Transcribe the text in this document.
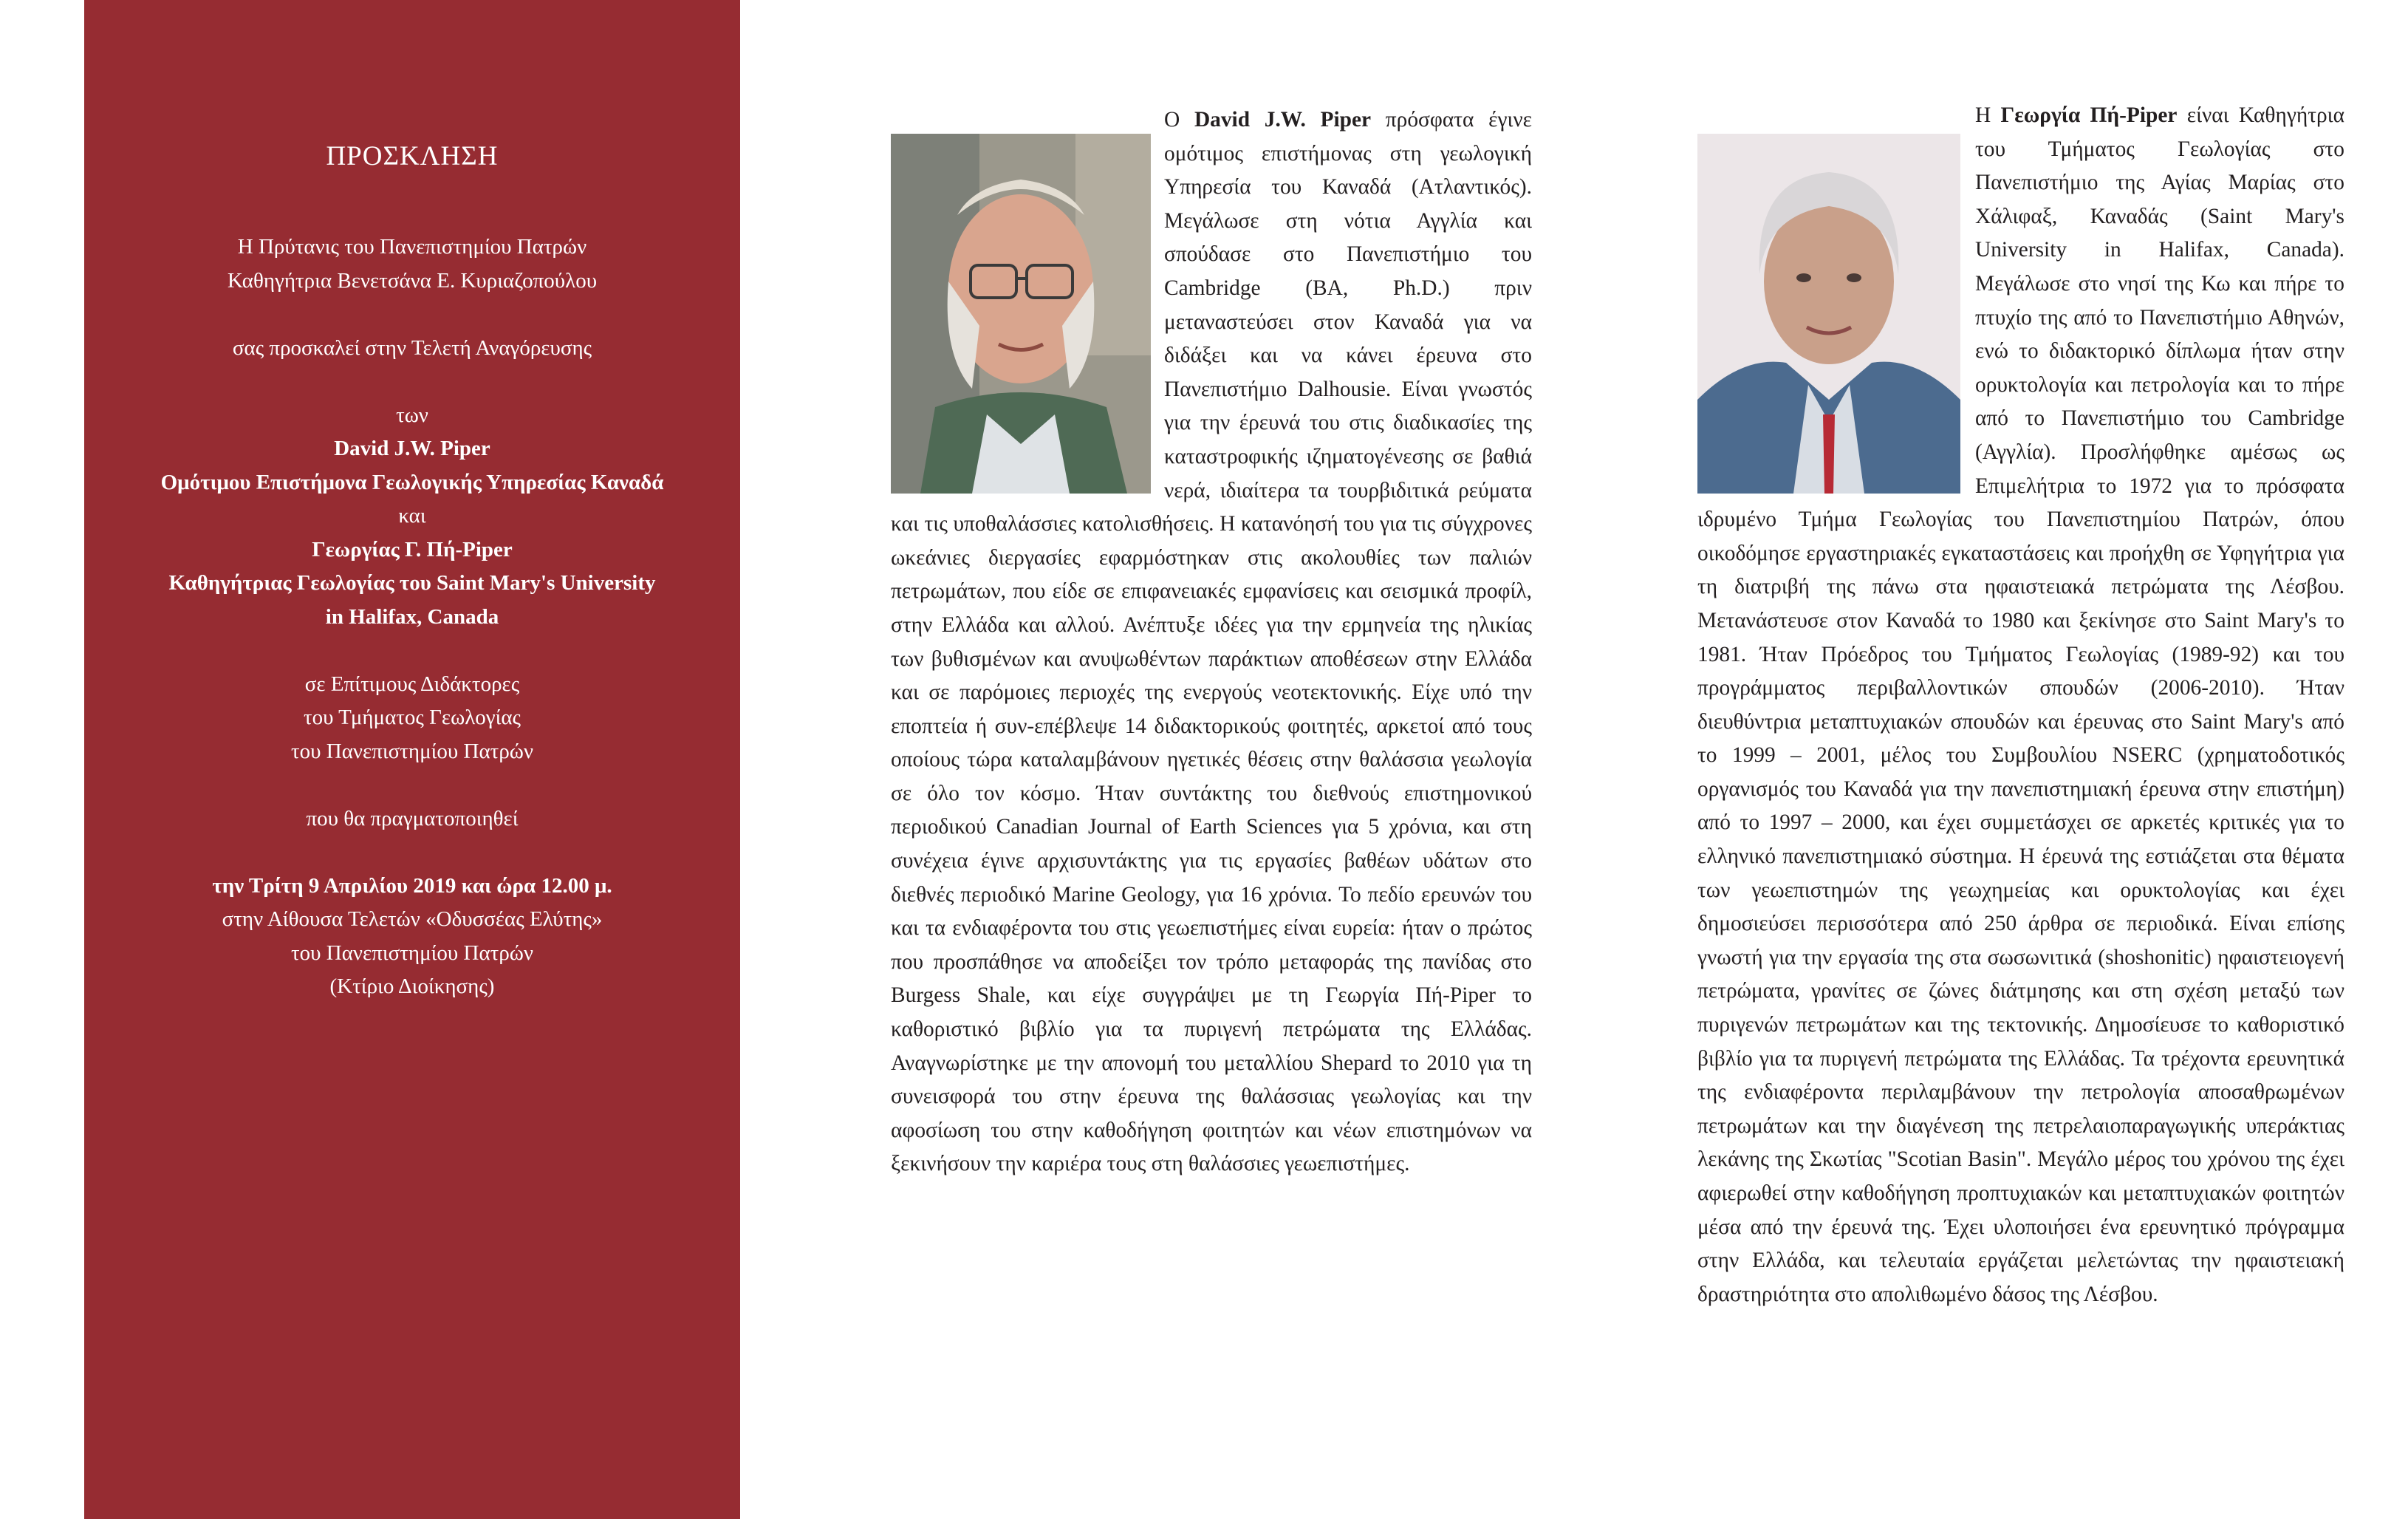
ΠΡΟΣΚΛΗΣΗ

Η Πρύτανις του Πανεπιστημίου Πατρών

Καθηγήτρια Βενετσάνα Ε. Κυριαζοπούλου

σας προσκαλεί στην Τελετή Αναγόρευσης

των

David J.W. Piper

Ομότιμου Επιστήμονα Γεωλογικής Υπηρεσίας Καναδά

και

Γεωργίας Γ. Πή-Piper

Καθηγήτριας Γεωλογίας του Saint Mary's University

in Halifax, Canada

σε Επίτιμους Διδάκτορες

του Τμήματος Γεωλογίας

του Πανεπιστημίου Πατρών

που θα πραγματοποιηθεί

την Τρίτη 9 Απριλίου 2019 και ώρα 12.00 μ.

στην Αίθουσα Τελετών «Οδυσσέας Ελύτης»

του Πανεπιστημίου Πατρών

(Κτίριο Διοίκησης)

Ο David J.W. Piper πρόσφατα έγινε ομότιμος επιστήμονας στη γεωλογική Υπηρεσία του Καναδά (Ατλαντικός). Μεγάλωσε στη νότια Αγγλία και σπούδασε στο Πανεπιστήμιο του Cambridge (BA, Ph.D.) πριν μεταναστεύσει στον Καναδά για να διδάξει και να κάνει έρευνα στο Πανεπιστήμιο Dalhousie. Είναι γνωστός για την έρευνά του στις διαδικασίες της καταστροφικής ιζηματογένεσης σε βαθιά νερά, ιδιαίτερα τα τουρβιδιτικά ρεύματα και τις υποθαλάσσιες κατολισθήσεις. Η κατανόησή του για τις σύγχρονες ωκεάνιες διεργασίες εφαρμόστηκαν στις ακολουθίες των παλιών πετρωμάτων, που είδε σε επιφανειακές εμφανίσεις και σεισμικά προφίλ, στην Ελλάδα και αλλού. Ανέπτυξε ιδέες για την ερμηνεία της ηλικίας των βυθισμένων και ανυψωθέντων παράκτιων αποθέσεων στην Ελλάδα και σε παρόμοιες περιοχές της ενεργούς νεοτεκτονικής. Είχε υπό την εποπτεία ή συν-επέβλεψε 14 διδακτορικούς φοιτητές, αρκετοί από τους οποίους τώρα καταλαμβάνουν ηγετικές θέσεις στην θαλάσσια γεωλογία σε όλο τον κόσμο. Ήταν συντάκτης του διεθνούς επιστημονικού περιοδικού Canadian Journal of Earth Sciences για 5 χρόνια, και στη συνέχεια έγινε αρχισυντάκτης για τις εργασίες βαθέων υδάτων στο διεθνές περιοδικό Marine Geology, για 16 χρόνια. Το πεδίο ερευνών του και τα ενδιαφέροντα του στις γεωεπιστήμες είναι ευρεία: ήταν ο πρώτος που προσπάθησε να αποδείξει τον τρόπο μεταφοράς της πανίδας στο Burgess Shale, και είχε συγγράψει με τη Γεωργία Πή-Piper το καθοριστικό βιβλίο για τα πυριγενή πετρώματα της Ελλάδας. Αναγνωρίστηκε με την απονομή του μεταλλίου Shepard το 2010 για τη συνεισφορά του στην έρευνα της θαλάσσιας γεωλογίας και την αφοσίωση του στην καθοδήγηση φοιτητών και νέων επιστημόνων να ξεκινήσουν την καριέρα τους στη θαλάσσιες γεωεπιστήμες.

Η Γεωργία Πή-Piper είναι Καθηγήτρια του Τμήματος Γεωλογίας στο Πανεπιστήμιο της Αγίας Μαρίας στο Χάλιφαξ, Καναδάς (Saint Mary's University in Halifax, Canada). Μεγάλωσε στο νησί της Κω και πήρε το πτυχίο της από το Πανεπιστήμιο Αθηνών, ενώ το διδακτορικό δίπλωμα ήταν στην ορυκτολογία και πετρολογία και το πήρε από το Πανεπιστήμιο του Cambridge (Αγγλία). Προσλήφθηκε αμέσως ως Επιμελήτρια το 1972 για το πρόσφατα ιδρυμένο Τμήμα Γεωλογίας του Πανεπιστημίου Πατρών, όπου οικοδόμησε εργαστηριακές εγκαταστάσεις και προήχθη σε Υφηγήτρια για τη διατριβή της πάνω στα ηφαιστειακά πετρώματα της Λέσβου. Μετανάστευσε στον Καναδά το 1980 και ξεκίνησε στο Saint Mary's το 1981. Ήταν Πρόεδρος του Τμήματος Γεωλογίας (1989-92) και του προγράμματος περιβαλλοντικών σπουδών (2006-2010). Ήταν διευθύντρια μεταπτυχιακών σπουδών και έρευνας στο Saint Mary's από το 1999 – 2001, μέλος του Συμβουλίου NSERC (χρηματοδοτικός οργανισμός του Καναδά για την πανεπιστημιακή έρευνα στην επιστήμη) από το 1997 – 2000, και έχει συμμετάσχει σε αρκετές κριτικές για το ελληνικό πανεπιστημιακό σύστημα. Η έρευνά της εστιάζεται στα θέματα των γεωεπιστημών της γεωχημείας και ορυκτολογίας και έχει δημοσιεύσει περισσότερα από 250 άρθρα σε περιοδικά. Είναι επίσης γνωστή για την εργασία της στα σωσωνιτικά (shoshonitic) ηφαιστειογενή πετρώματα, γρανίτες σε ζώνες διάτμησης και στη σχέση μεταξύ των πυριγενών πετρωμάτων και της τεκτονικής. Δημοσίευσε το καθοριστικό βιβλίο για τα πυριγενή πετρώματα της Ελλάδας. Τα τρέχοντα ερευνητικά της ενδιαφέροντα περιλαμβάνουν την πετρολογία αποσαθρωμένων πετρωμάτων και την διαγένεση της πετρελαιοπαραγωγικής υπεράκτιας λεκάνης της Σκωτίας "Scotian Basin". Μεγάλο μέρος του χρόνου της έχει αφιερωθεί στην καθοδήγηση προπτυχιακών και μεταπτυχιακών φοιτητών μέσα από την έρευνά της. Έχει υλοποιήσει ένα ερευνητικό πρόγραμμα στην Ελλάδα, και τελευταία εργάζεται μελετώντας την ηφαιστειακή δραστηριότητα στο απολιθωμένο δάσος της Λέσβου.
